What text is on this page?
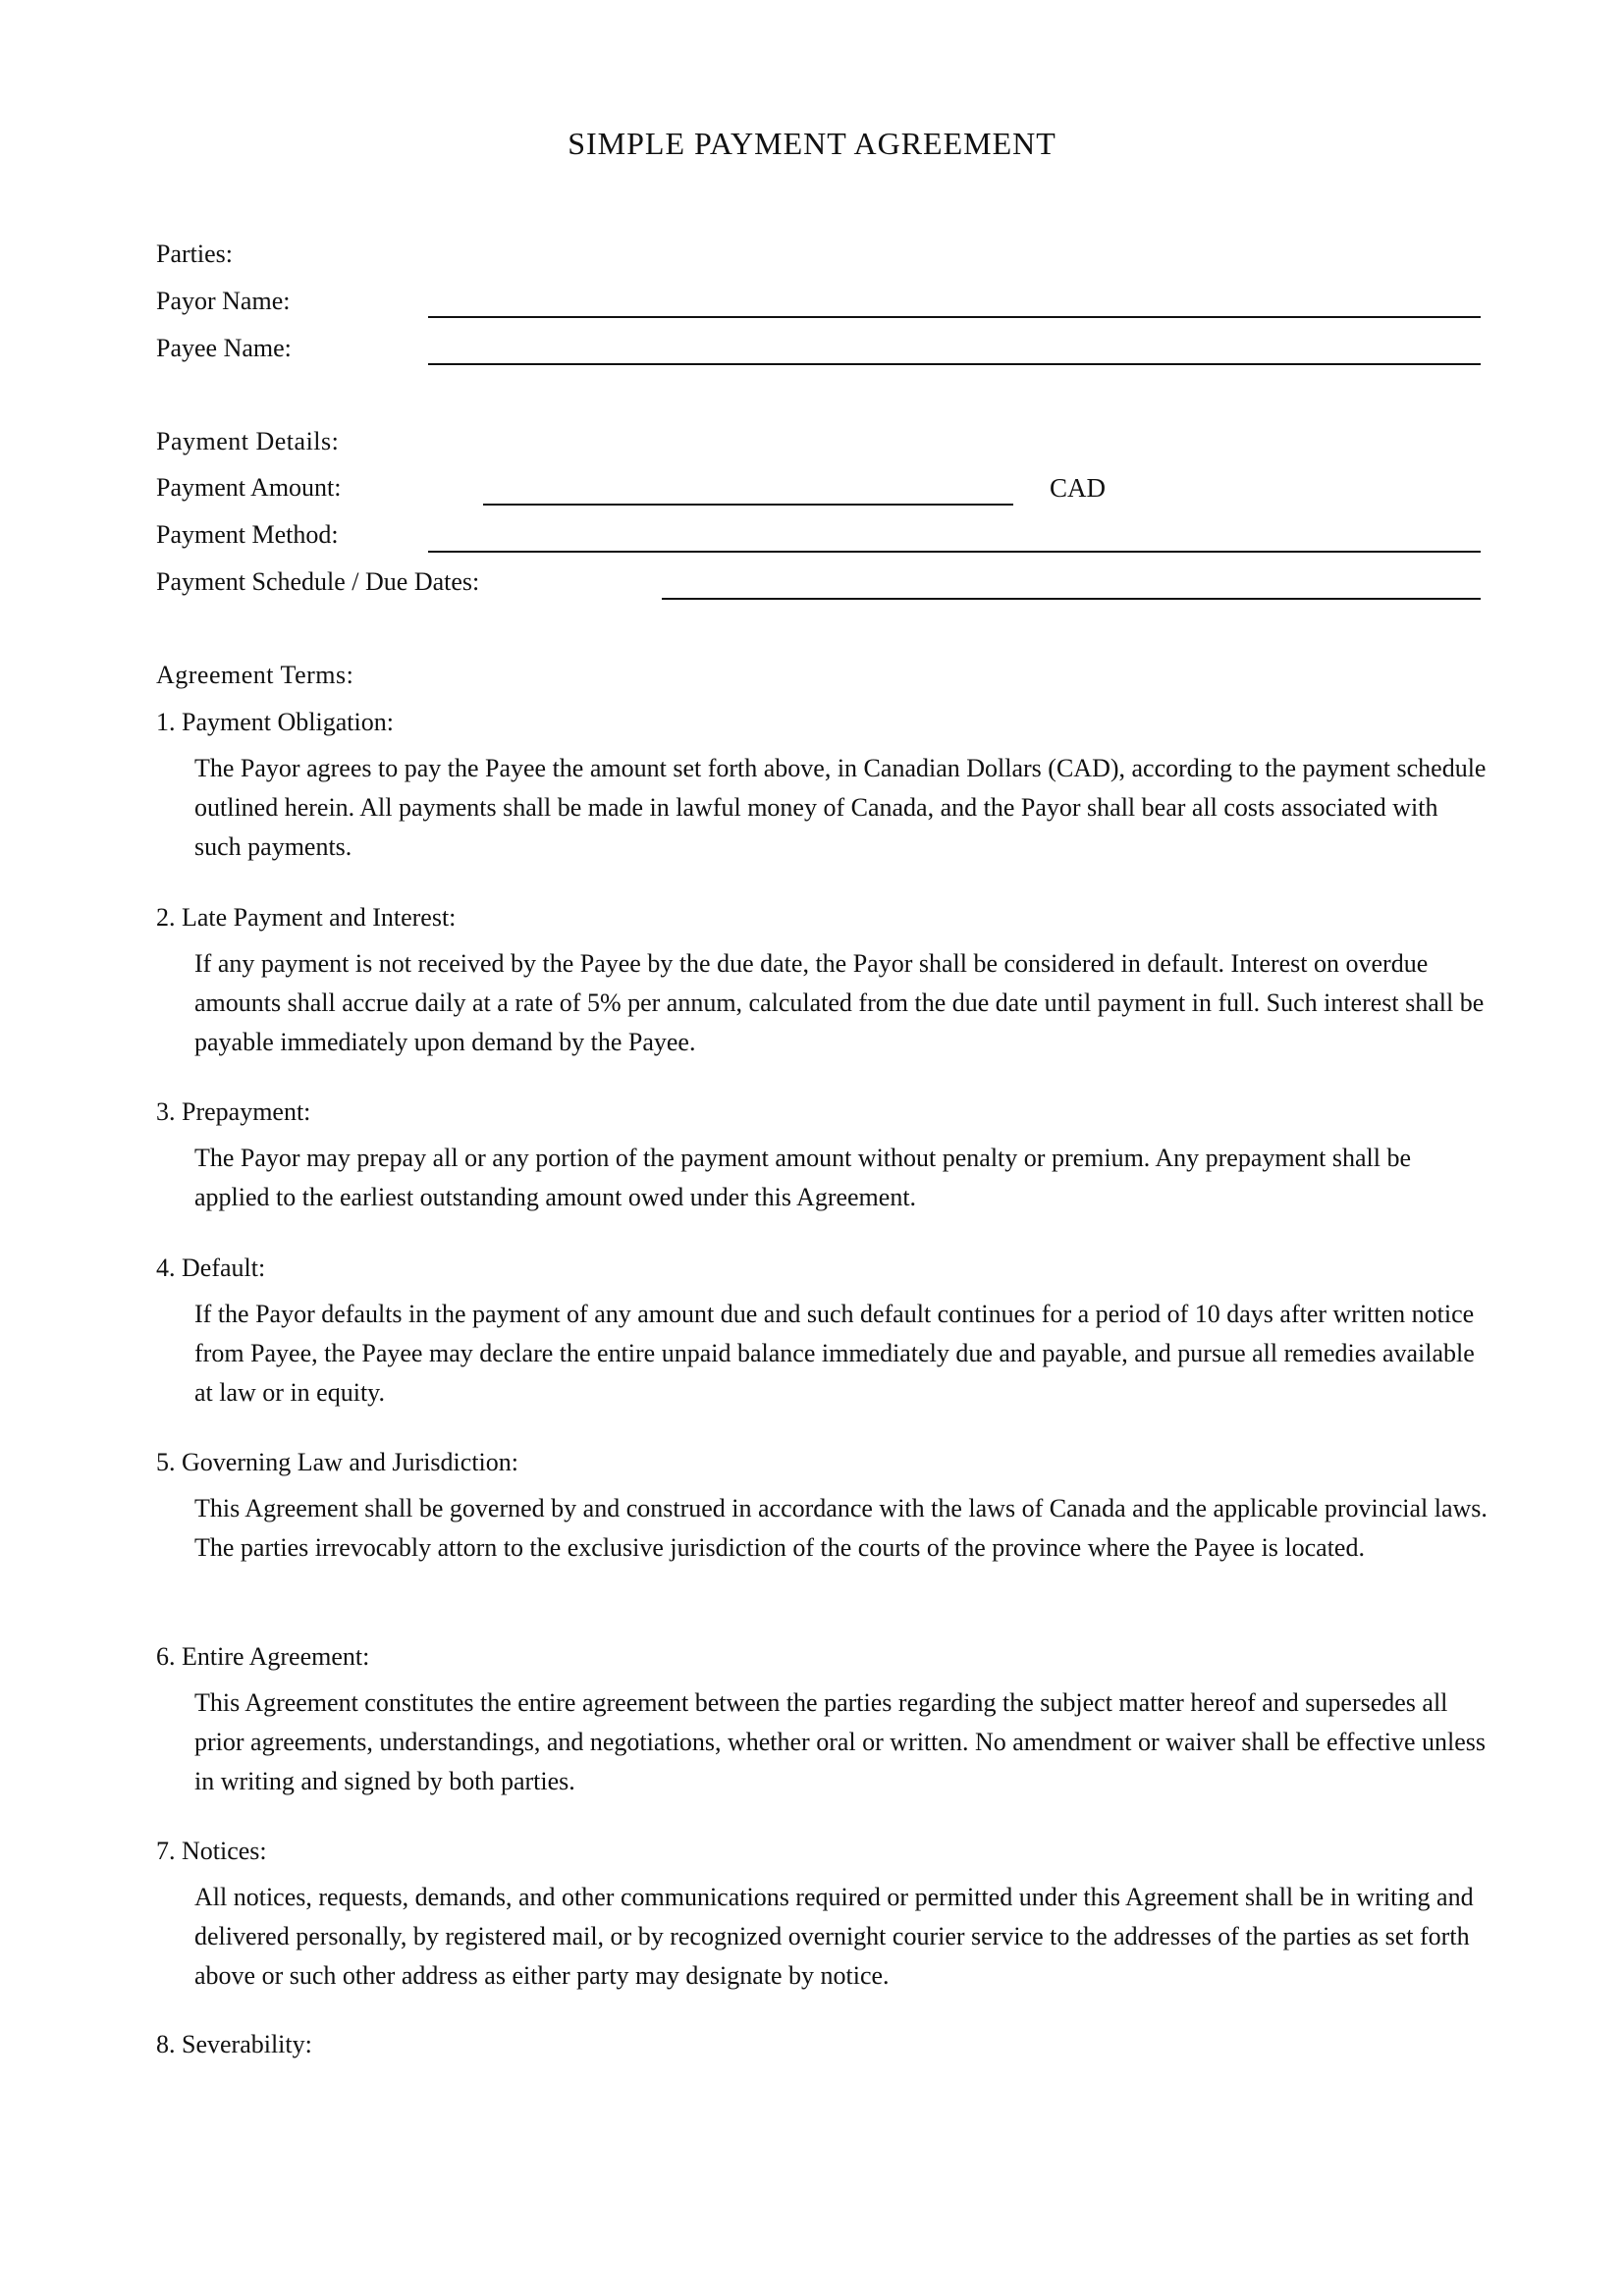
SIMPLE PAYMENT AGREEMENT
Parties:
Payor Name:
Payee Name:
Payment Details:
Payment Amount:	CAD
Payment Method:
Payment Schedule / Due Dates:
Agreement Terms:
1. Payment Obligation:
The Payor agrees to pay the Payee the amount set forth above, in Canadian Dollars (CAD), according to the payment schedule outlined herein. All payments shall be made in lawful money of Canada, and the Payor shall bear all costs associated with such payments.
2. Late Payment and Interest:
If any payment is not received by the Payee by the due date, the Payor shall be considered in default. Interest on overdue amounts shall accrue daily at a rate of 5% per annum, calculated from the due date until payment in full. Such interest shall be payable immediately upon demand by the Payee.
3. Prepayment:
The Payor may prepay all or any portion of the payment amount without penalty or premium. Any prepayment shall be applied to the earliest outstanding amount owed under this Agreement.
4. Default:
If the Payor defaults in the payment of any amount due and such default continues for a period of 10 days after written notice from Payee, the Payee may declare the entire unpaid balance immediately due and payable, and pursue all remedies available at law or in equity.
5. Governing Law and Jurisdiction:
This Agreement shall be governed by and construed in accordance with the laws of Canada and the applicable provincial laws. The parties irrevocably attorn to the exclusive jurisdiction of the courts of the province where the Payee is located.
6. Entire Agreement:
This Agreement constitutes the entire agreement between the parties regarding the subject matter hereof and supersedes all prior agreements, understandings, and negotiations, whether oral or written. No amendment or waiver shall be effective unless in writing and signed by both parties.
7. Notices:
All notices, requests, demands, and other communications required or permitted under this Agreement shall be in writing and delivered personally, by registered mail, or by recognized overnight courier service to the addresses of the parties as set forth above or such other address as either party may designate by notice.
8. Severability:
